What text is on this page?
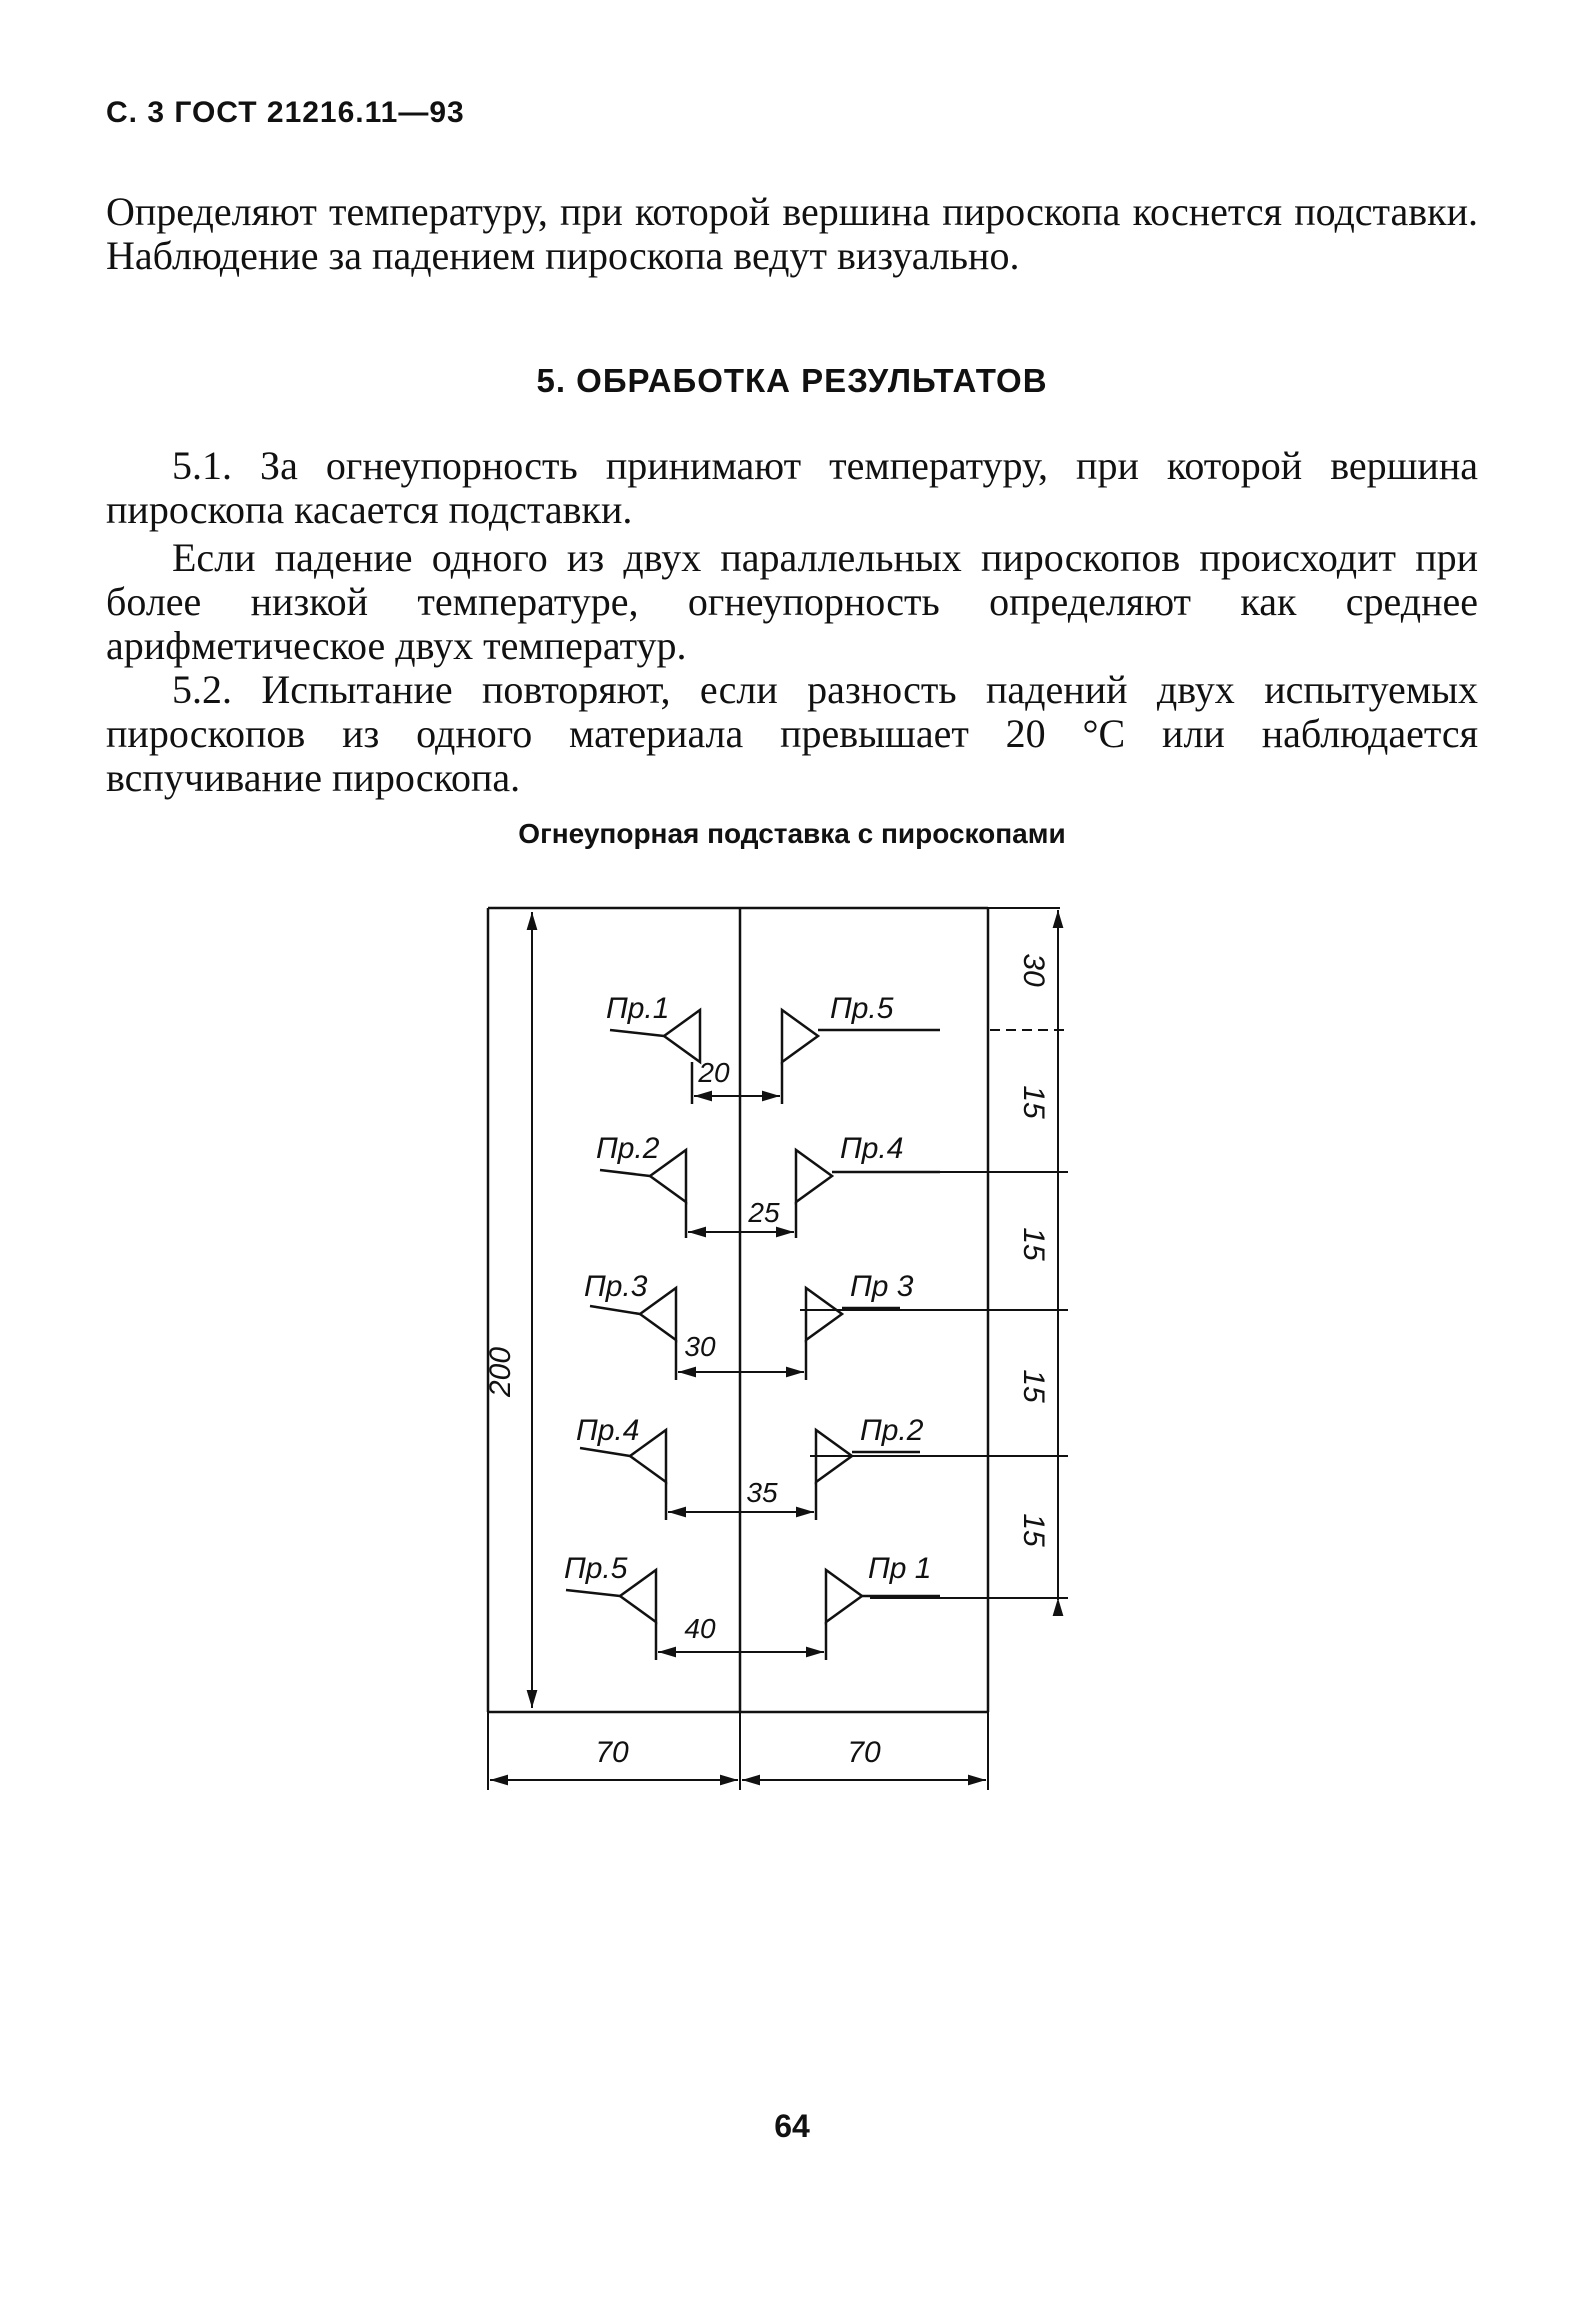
С. 3 ГОСТ 21216.11—93
Определяют температуру, при которой вершина пироскопа коснется подставки. Наблюдение за падением пироскопа ведут визуально.
5. ОБРАБОТКА РЕЗУЛЬТАТОВ
5.1. За огнеупорность принимают температуру, при которой вершина пироскопа касается подставки.
Если падение одного из двух параллельных пироскопов происходит при более низкой температуре, огнеупорность определяют как среднее арифметическое двух температур.
5.2. Испытание повторяют, если разность падений двух испытуемых пироскопов из одного материала превышает 20 °С или наблюдается вспучивание пироскопа.
Огнеупорная подставка с пироскопами
200
30
15
15
15
15
70	70
Пр.1	Пр.5
20
Пр.2	Пр.4
25
Пр.3	Пр 3
30
Пр.4	Пр.2
35
Пр.5	Пр 1
40
64
